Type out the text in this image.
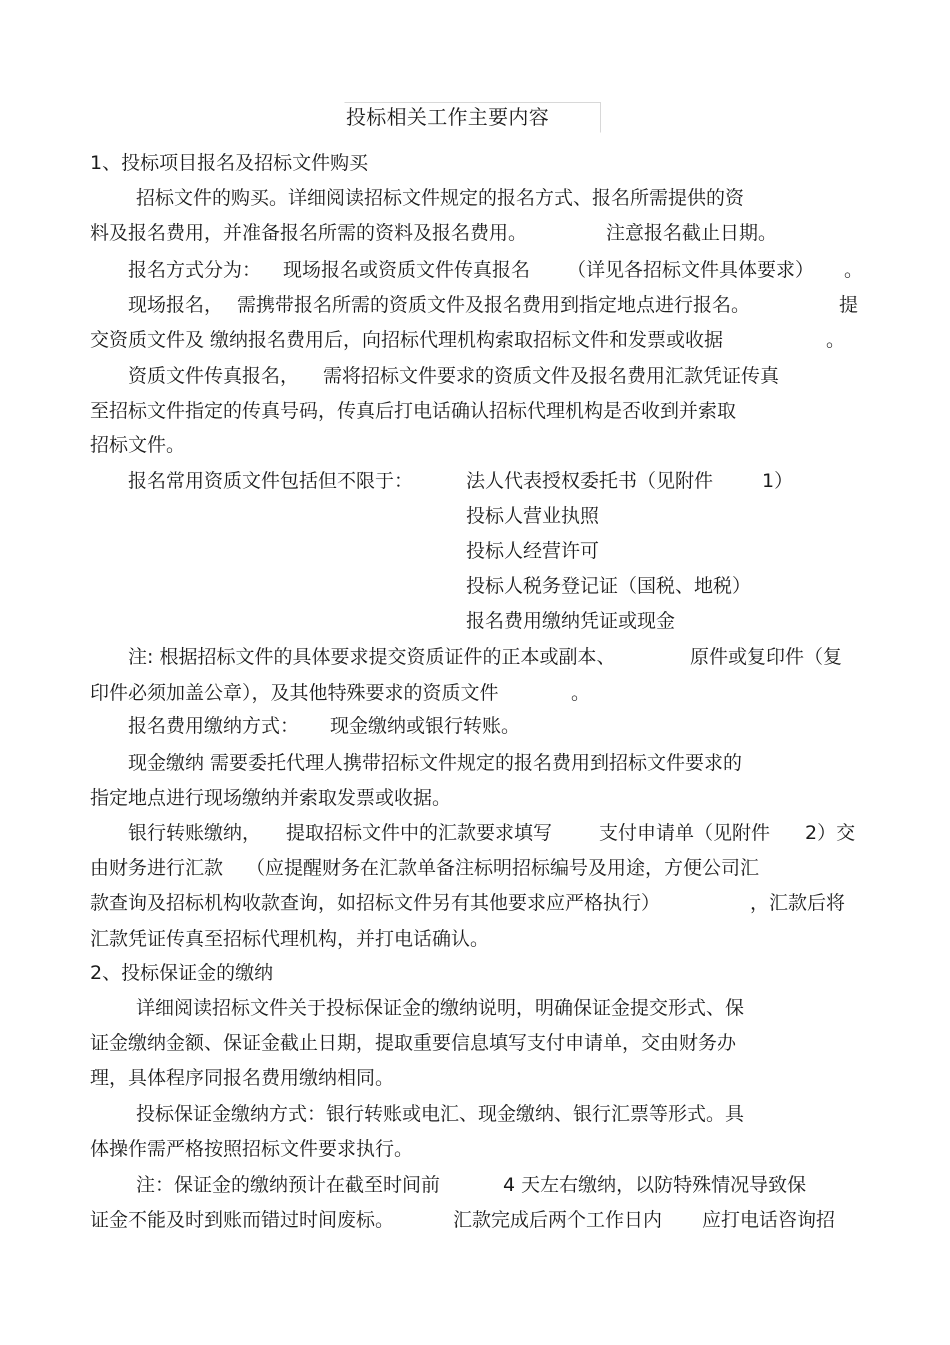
投标相关工作主要内容
1、投标项目报名及招标文件购买
招标文件的购买。详细阅读招标文件规定的报名方式、报名所需提供的资
料及报名费用，并准备报名所需的资料及报名费用。	注意报名截止日期。
报名方式分为： 现场报名或资质文件传真报名 （详见各招标文件具体要求） 。
现场报名， 需携带报名所需的资质文件及报名费用到指定地点进行报名。	提
交资质文件及 缴纳报名费用后，向招标代理机构索取招标文件和发票或收据	。
资质文件传真报名， 需将招标文件要求的资质文件及报名费用汇款凭证传真
至招标文件指定的传真号码，传真后打电话确认招标代理机构是否收到并索取
招标文件。
报名常用资质文件包括但不限于：	法人代表授权委托书（见附件	1）
投标人营业执照
投标人经营许可
投标人税务登记证（国税、地税）
报名费用缴纳凭证或现金
注: 根据招标文件的具体要求提交资质证件的正本或副本、	原件或复印件（复
印件必须加盖公章），及其他特殊要求的资质文件	。
报名费用缴纳方式： 现金缴纳或银行转账。
现金缴纳 需要委托代理人携带招标文件规定的报名费用到招标文件要求的
指定地点进行现场缴纳并索取发票或收据。
银行转账缴纳， 提取招标文件中的汇款要求填写 支付申请单（见附件 2）交
由财务进行汇款 （应提醒财务在汇款单备注标明招标编号及用途，方便公司汇
款查询及招标机构收款查询，如招标文件另有其他要求应严格执行）	，汇款后将
汇款凭证传真至招标代理机构，并打电话确认。
2、投标保证金的缴纳
详细阅读招标文件关于投标保证金的缴纳说明，明确保证金提交形式、保
证金缴纳金额、保证金截止日期，提取重要信息填写支付申请单，交由财务办
理，具体程序同报名费用缴纳相同。
投标保证金缴纳方式：银行转账或电汇、现金缴纳、银行汇票等形式。具
体操作需严格按照招标文件要求执行。
注：保证金的缴纳预计在截至时间前	4 天左右缴纳，以防特殊情况导致保
证金不能及时到账而错过时间废标。	汇款完成后两个工作日内 应打电话咨询招
